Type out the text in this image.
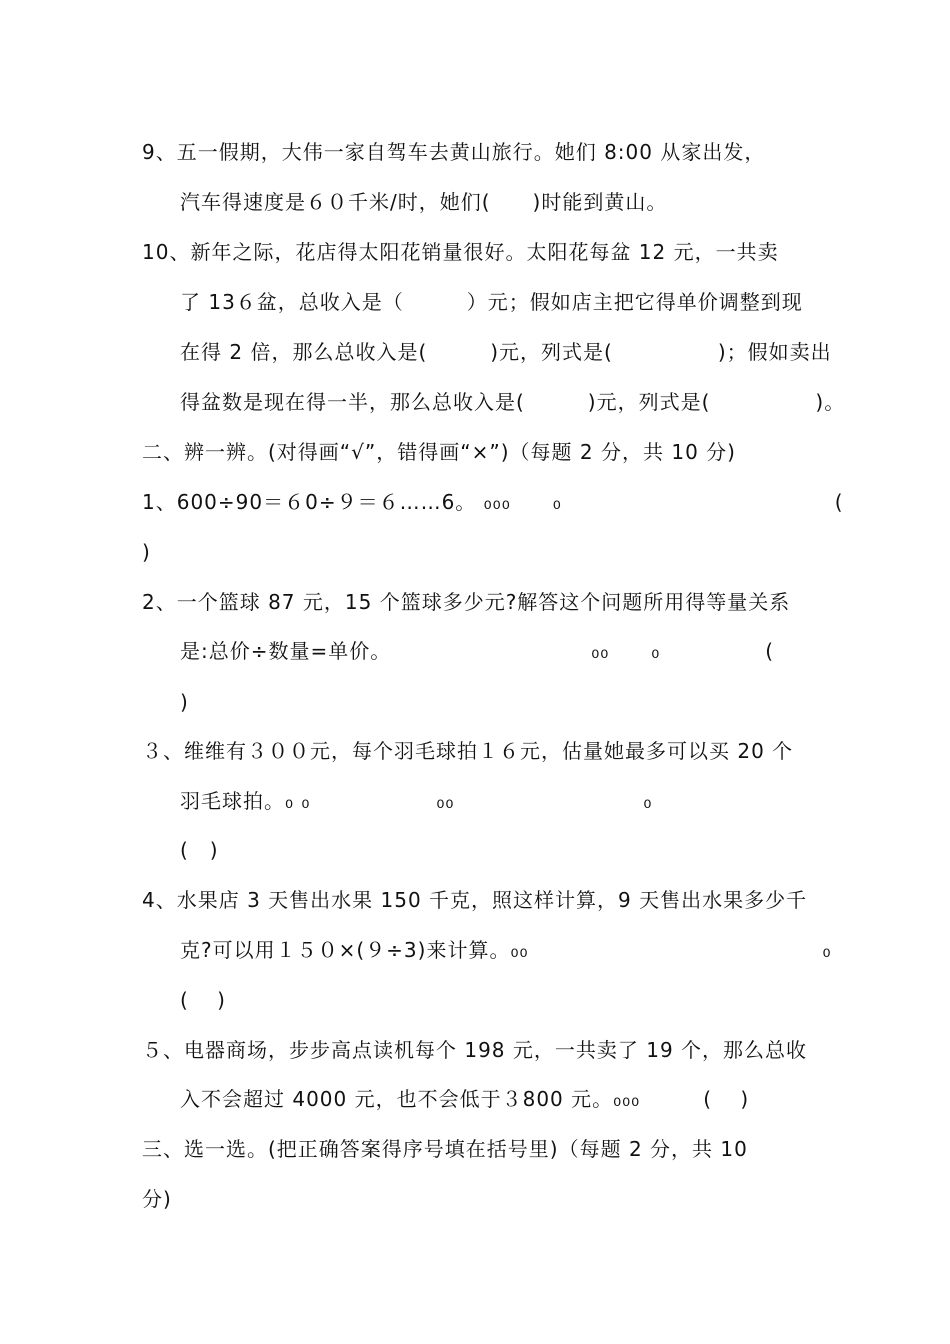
9、五一假期，大伟一家自驾车去黄山旅行。她们 8:00 从家出发，
汽车得速度是６０千米/时，她们(　　)时能到黄山。
10、新年之际，花店得太阳花销量很好。太阳花每盆 12 元，一共卖
了 13６盆，总收入是（　　　）元；假如店主把它得单价调整到现
在得 2 倍，那么总收入是(　　　)元，列式是(　　　　　)；假如卖出
得盆数是现在得一半，那么总收入是(　　　)元，列式是(　　　　　)。
二、辨一辨。(对得画“√”，错得画“×”)（每题 2 分，共 10 分)
1、600÷90＝６0÷９＝６……6。 ₀₀₀　　₀　　　　　　　　　　　　　(
)
2、一个篮球 87 元，15 个篮球多少元?解答这个问题所用得等量关系
是:总价÷数量=单价。　　　　　　　　　　₀₀　　₀　　　　　(
)
３、维维有３００元，每个羽毛球拍１６元，估量她最多可以买 20 个
羽毛球拍。₀ ₀　　　　　　₀₀　　　　　　　　　₀
(　)
4、水果店 3 天售出水果 150 千克，照这样计算，9 天售出水果多少千
克?可以用１５０×(９÷3)来计算。₀₀　　　　　　　　　　　　　　₀
(　 )
５、电器商场，步步高点读机每个 198 元，一共卖了 19 个，那么总收
入不会超过 4000 元，也不会低于３800 元。₀₀₀　　　(　 )
三、选一选。(把正确答案得序号填在括号里)（每题 2 分，共 10
分)
